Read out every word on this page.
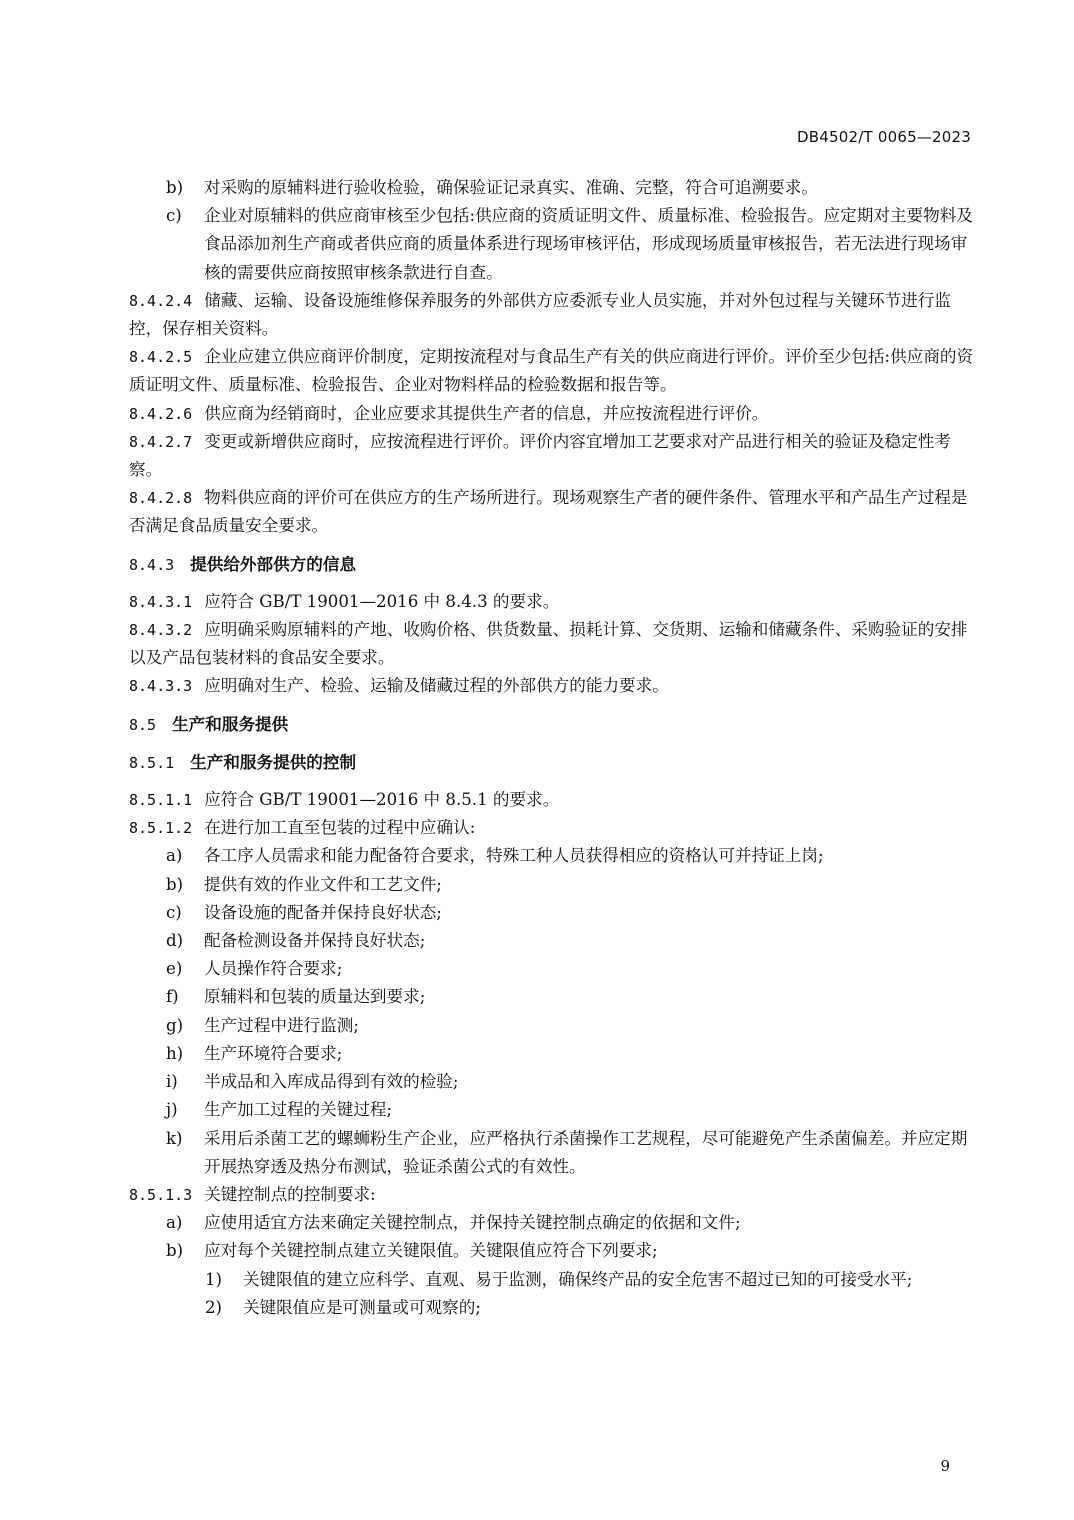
DB4502/T 0065—2023
b)	对采购的原辅料进行验收检验，确保验证记录真实、准确、完整，符合可追溯要求。
c)	企业对原辅料的供应商审核至少包括:供应商的资质证明文件、质量标准、检验报告。应定期对主要物料及食品添加剂生产商或者供应商的质量体系进行现场审核评估，形成现场质量审核报告，若无法进行现场审核的需要供应商按照审核条款进行自查。

8.4.2.4 储藏、运输、设备设施维修保养服务的外部供方应委派专业人员实施，并对外包过程与关键环节进行监控，保存相关资料。

8.4.2.5 企业应建立供应商评价制度，定期按流程对与食品生产有关的供应商进行评价。评价至少包括:供应商的资质证明文件、质量标准、检验报告、企业对物料样品的检验数据和报告等。

8.4.2.6 供应商为经销商时，企业应要求其提供生产者的信息，并应按流程进行评价。

8.4.2.7 变更或新增供应商时，应按流程进行评价。评价内容宜增加工艺要求对产品进行相关的验证及稳定性考察。

8.4.2.8 物料供应商的评价可在供应方的生产场所进行。现场观察生产者的硬件条件、管理水平和产品生产过程是否满足食品质量安全要求。

8.4.3 提供给外部供方的信息

8.4.3.1 应符合 GB/T 19001—2016 中 8.4.3 的要求。

8.4.3.2 应明确采购原辅料的产地、收购价格、供货数量、损耗计算、交货期、运输和储藏条件、采购验证的安排以及产品包装材料的食品安全要求。

8.4.3.3 应明确对生产、检验、运输及储藏过程的外部供方的能力要求。

8.5 生产和服务提供

8.5.1 生产和服务提供的控制

8.5.1.1 应符合 GB/T 19001—2016 中 8.5.1 的要求。

8.5.1.2 在进行加工直至包装的过程中应确认:

a)	各工序人员需求和能力配备符合要求，特殊工种人员获得相应的资格认可并持证上岗;
b)	提供有效的作业文件和工艺文件;
c)	设备设施的配备并保持良好状态;
d)	配备检测设备并保持良好状态;
e)	人员操作符合要求;
f)	原辅料和包装的质量达到要求;
g)	生产过程中进行监测;
h)	生产环境符合要求;
i)	半成品和入库成品得到有效的检验;
j)	生产加工过程的关键过程;
k)	采用后杀菌工艺的螺蛳粉生产企业，应严格执行杀菌操作工艺规程，尽可能避免产生杀菌偏差。并应定期开展热穿透及热分布测试，验证杀菌公式的有效性。

8.5.1.3 关键控制点的控制要求:

a)	应使用适宜方法来确定关键控制点，并保持关键控制点确定的依据和文件;
b)	应对每个关键控制点建立关键限值。关键限值应符合下列要求;
1)	关键限值的建立应科学、直观、易于监测，确保终产品的安全危害不超过已知的可接受水平;
2)	关键限值应是可测量或可观察的;
9
